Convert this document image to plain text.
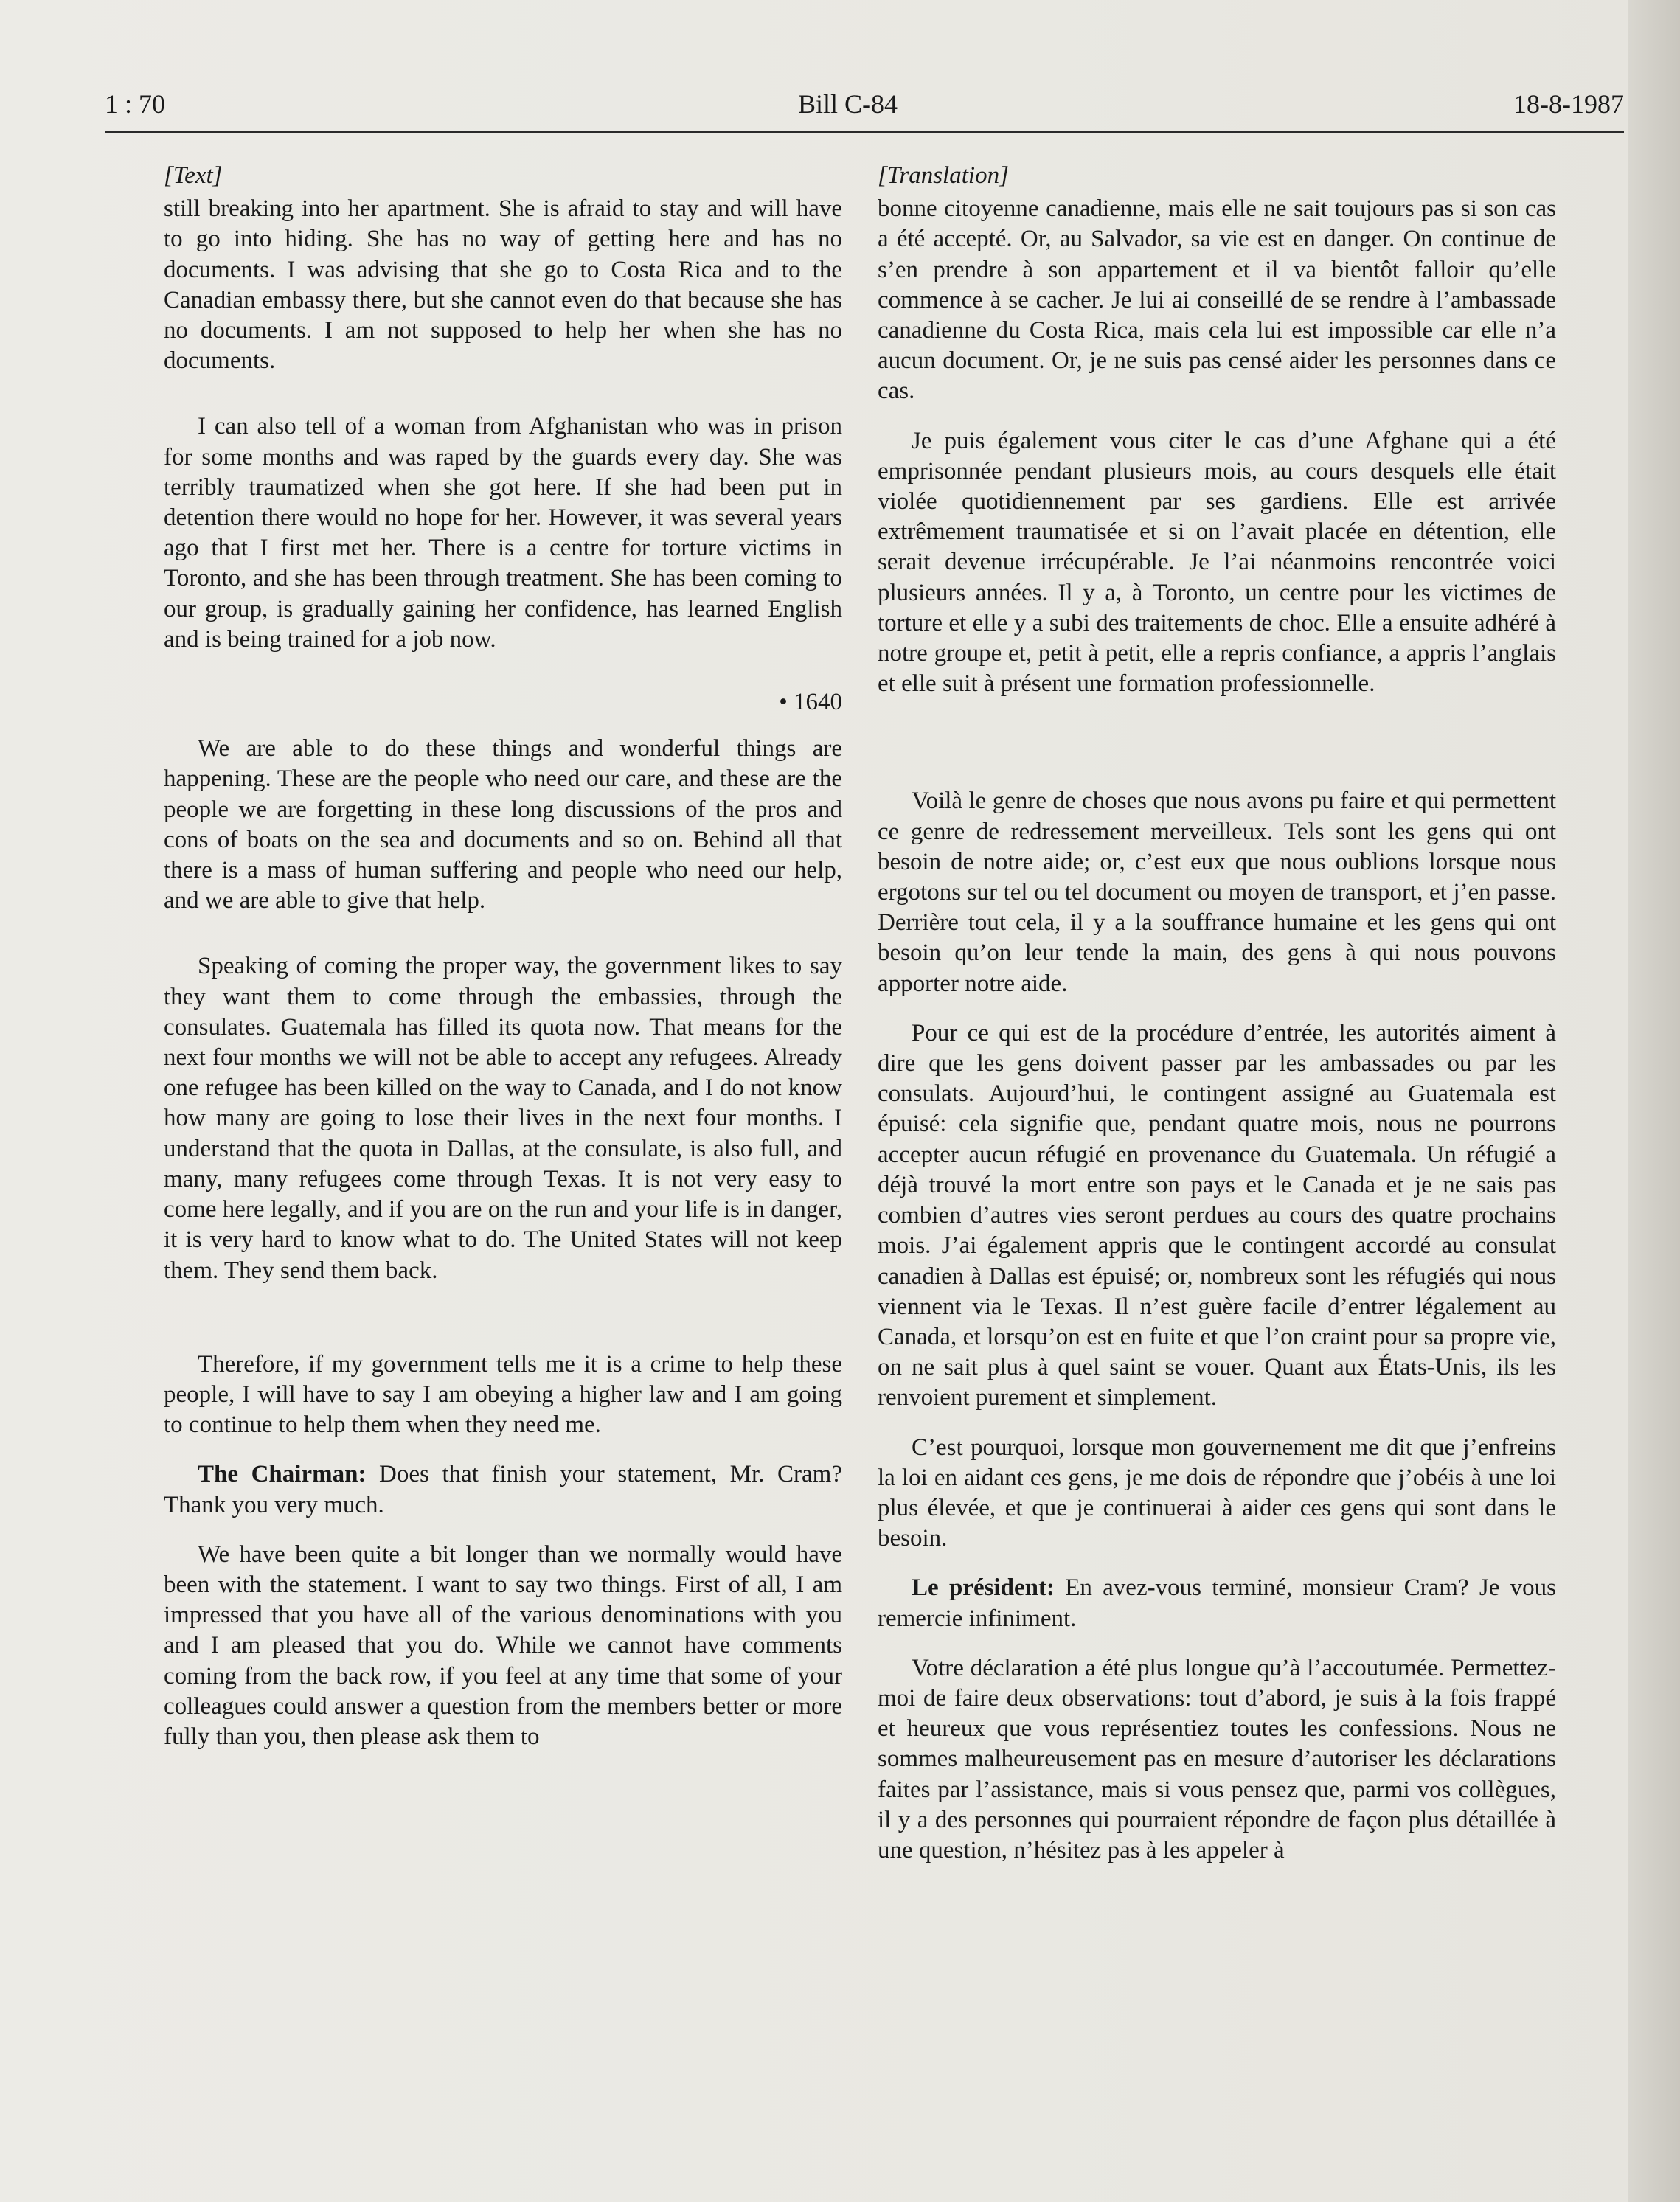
1 : 70	Bill C-84	18-8-1987
[Text]

still breaking into her apartment. She is afraid to stay and will have to go into hiding. She has no way of getting here and has no documents. I was advising that she go to Costa Rica and to the Canadian embassy there, but she cannot even do that because she has no documents. I am not supposed to help her when she has no documents.

I can also tell of a woman from Afghanistan who was in prison for some months and was raped by the guards every day. She was terribly traumatized when she got here. If she had been put in detention there would no hope for her. However, it was several years ago that I first met her. There is a centre for torture victims in Toronto, and she has been through treatment. She has been coming to our group, is gradually gaining her confidence, has learned English and is being trained for a job now.

• 1640

We are able to do these things and wonderful things are happening. These are the people who need our care, and these are the people we are forgetting in these long discussions of the pros and cons of boats on the sea and documents and so on. Behind all that there is a mass of human suffering and people who need our help, and we are able to give that help.

Speaking of coming the proper way, the government likes to say they want them to come through the embassies, through the consulates. Guatemala has filled its quota now. That means for the next four months we will not be able to accept any refugees. Already one refugee has been killed on the way to Canada, and I do not know how many are going to lose their lives in the next four months. I understand that the quota in Dallas, at the consulate, is also full, and many, many refugees come through Texas. It is not very easy to come here legally, and if you are on the run and your life is in danger, it is very hard to know what to do. The United States will not keep them. They send them back.

Therefore, if my government tells me it is a crime to help these people, I will have to say I am obeying a higher law and I am going to continue to help them when they need me.

The Chairman: Does that finish your statement, Mr. Cram? Thank you very much.

We have been quite a bit longer than we normally would have been with the statement. I want to say two things. First of all, I am impressed that you have all of the various denominations with you and I am pleased that you do. While we cannot have comments coming from the back row, if you feel at any time that some of your colleagues could answer a question from the members better or more fully than you, then please ask them to

[Translation]

bonne citoyenne canadienne, mais elle ne sait toujours pas si son cas a été accepté. Or, au Salvador, sa vie est en danger. On continue de s’en prendre à son appartement et il va bientôt falloir qu’elle commence à se cacher. Je lui ai conseillé de se rendre à l’ambassade canadienne du Costa Rica, mais cela lui est impossible car elle n’a aucun document. Or, je ne suis pas censé aider les personnes dans ce cas.

Je puis également vous citer le cas d’une Afghane qui a été emprisonnée pendant plusieurs mois, au cours desquels elle était violée quotidiennement par ses gardiens. Elle est arrivée extrêmement traumatisée et si on l’avait placée en détention, elle serait devenue irrécupérable. Je l’ai néanmoins rencontrée voici plusieurs années. Il y a, à Toronto, un centre pour les victimes de torture et elle y a subi des traitements de choc. Elle a ensuite adhéré à notre groupe et, petit à petit, elle a repris confiance, a appris l’anglais et elle suit à présent une formation professionnelle.

Voilà le genre de choses que nous avons pu faire et qui permettent ce genre de redressement merveilleux. Tels sont les gens qui ont besoin de notre aide; or, c’est eux que nous oublions lorsque nous ergotons sur tel ou tel document ou moyen de transport, et j’en passe. Derrière tout cela, il y a la souffrance humaine et les gens qui ont besoin qu’on leur tende la main, des gens à qui nous pouvons apporter notre aide.

Pour ce qui est de la procédure d’entrée, les autorités aiment à dire que les gens doivent passer par les ambassades ou par les consulats. Aujourd’hui, le contingent assigné au Guatemala est épuisé: cela signifie que, pendant quatre mois, nous ne pourrons accepter aucun réfugié en provenance du Guatemala. Un réfugié a déjà trouvé la mort entre son pays et le Canada et je ne sais pas combien d’autres vies seront perdues au cours des quatre prochains mois. J’ai également appris que le contingent accordé au consulat canadien à Dallas est épuisé; or, nombreux sont les réfugiés qui nous viennent via le Texas. Il n’est guère facile d’entrer légalement au Canada, et lorsqu’on est en fuite et que l’on craint pour sa propre vie, on ne sait plus à quel saint se vouer. Quant aux États-Unis, ils les renvoient purement et simplement.

C’est pourquoi, lorsque mon gouvernement me dit que j’enfreins la loi en aidant ces gens, je me dois de répondre que j’obéis à une loi plus élevée, et que je continuerai à aider ces gens qui sont dans le besoin.

Le président: En avez-vous terminé, monsieur Cram? Je vous remercie infiniment.

Votre déclaration a été plus longue qu’à l’accoutumée. Permettez-moi de faire deux observations: tout d’abord, je suis à la fois frappé et heureux que vous représentiez toutes les confessions. Nous ne sommes malheureusement pas en mesure d’autoriser les déclarations faites par l’assistance, mais si vous pensez que, parmi vos collègues, il y a des personnes qui pourraient répondre de façon plus détaillée à une question, n’hésitez pas à les appeler à
